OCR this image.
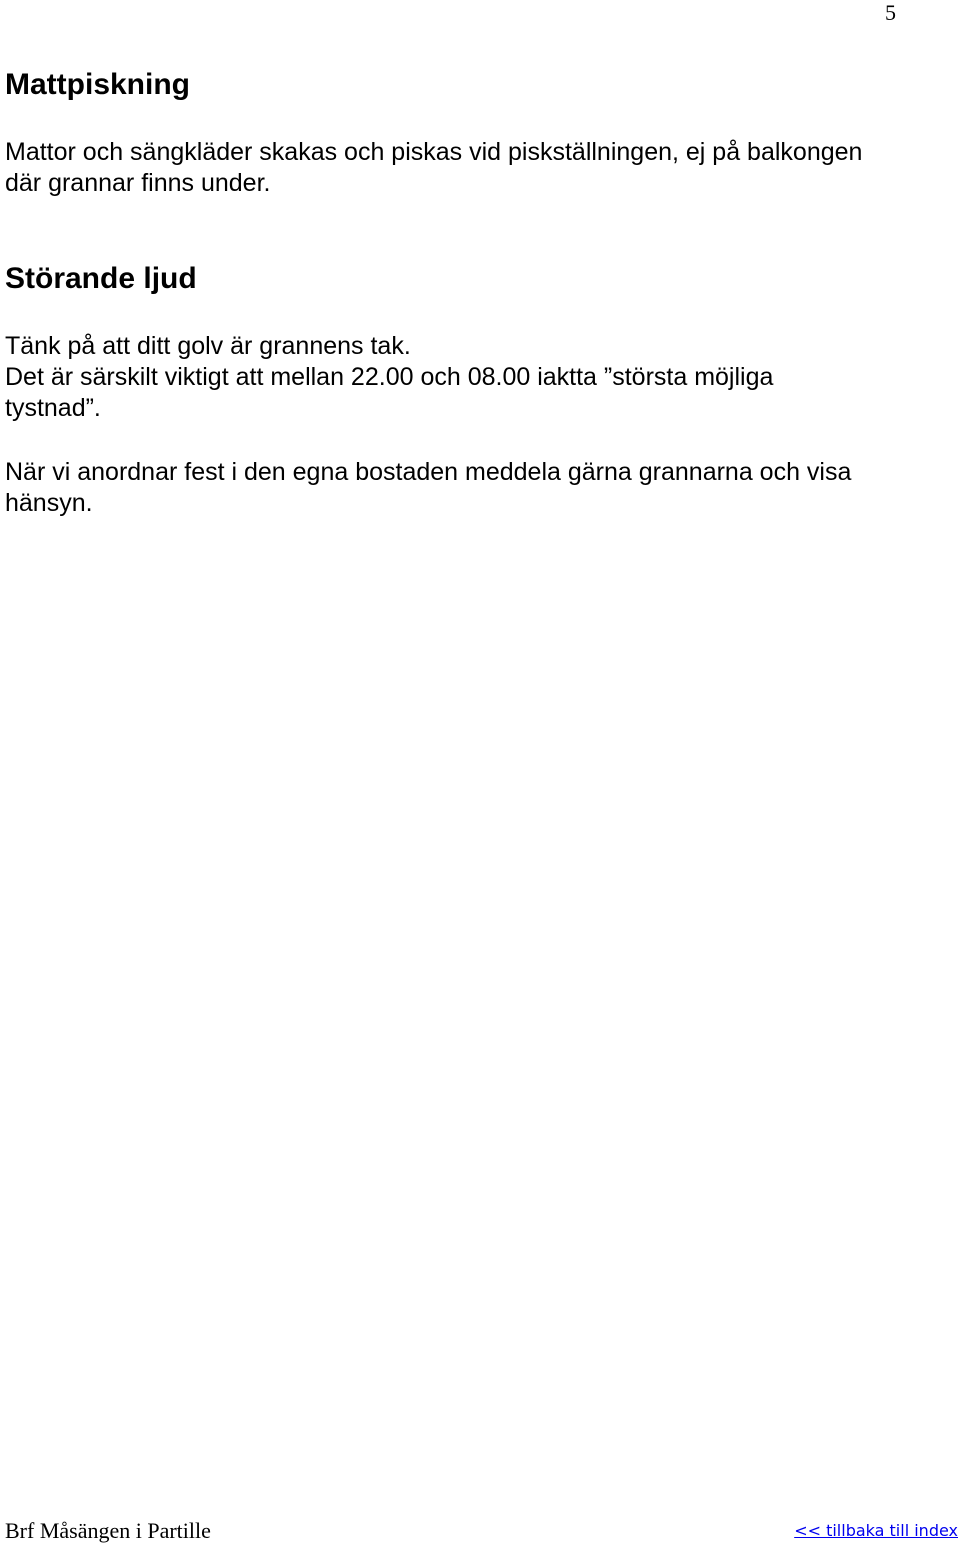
5
Mattpiskning

Mattor och sängkläder skakas och piskas vid piskställningen, ej på balkongen där grannar finns under.

Störande ljud

Tänk på att ditt golv är grannens tak.

Det är särskilt viktigt att mellan 22.00 och 08.00 iaktta ”största möjliga tystnad”.

När vi anordnar fest i den egna bostaden meddela gärna grannarna och visa hänsyn.

Brf Måsängen i Partille	<< tillbaka till index
